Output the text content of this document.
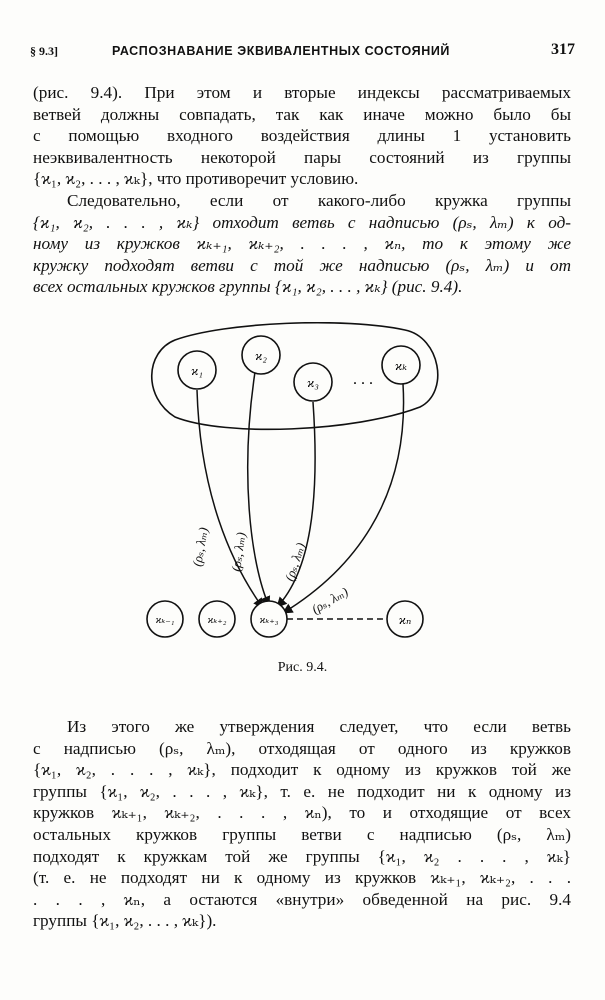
§ 9.3]	РАСПОЗНАВАНИЕ ЭКВИВАЛЕНТНЫХ СОСТОЯНИЙ	317
(рис. 9.4). При этом и вторые индексы рассматриваемых
ветвей должны совпадать, так как иначе можно было бы
с помощью входного воздействия длины 1 установить
неэквивалентность некоторой пары состояний из группы
{ϰ₁, ϰ₂, . . . , ϰₖ}, что противоречит условию.
Следовательно, если от какого-либо кружка группы
{ϰ₁, ϰ₂, . . . , ϰₖ} отходит ветвь с надписью (ρₛ, λₘ) к од-
ному из кружков ϰₖ₊₁, ϰₖ₊₂, . . . , ϰₙ, то к этому же
кружку подходят ветви с той же надписью (ρₛ, λₘ) и от
всех остальных кружков группы {ϰ₁, ϰ₂, . . . , ϰₖ} (рис. 9.4).
(ρₛ, λₘ) (ρₛ, λₘ)	(ρₛ, λₘ)
(ρₛ, λₘ)
ϰ₁
ϰ₂
ϰ₃ . . .
ϰₖ
ϰₖ₋₁	ϰₖ₊₂	ϰₖ₊₃	ϰₙ
Рис. 9.4.
Из этого же утверждения следует, что если ветвь
с надписью (ρₛ, λₘ), отходящая от одного из кружков
{ϰ₁, ϰ₂, . . . , ϰₖ}, подходит к одному из кружков той же
группы {ϰ₁, ϰ₂, . . . , ϰₖ}, т. е. не подходит ни к одному из
кружков ϰₖ₊₁, ϰₖ₊₂, . . . , ϰₙ), то и отходящие от всех
остальных кружков группы ветви с надписью (ρₛ, λₘ)
подходят к кружкам той же группы {ϰ₁, ϰ₂ . . . , ϰₖ}
(т. е. не подходят ни к одному из кружков ϰₖ₊₁, ϰₖ₊₂, . . .
. . . , ϰₙ, а остаются «внутри» обведенной на рис. 9.4
группы {ϰ₁, ϰ₂, . . . , ϰₖ}).
